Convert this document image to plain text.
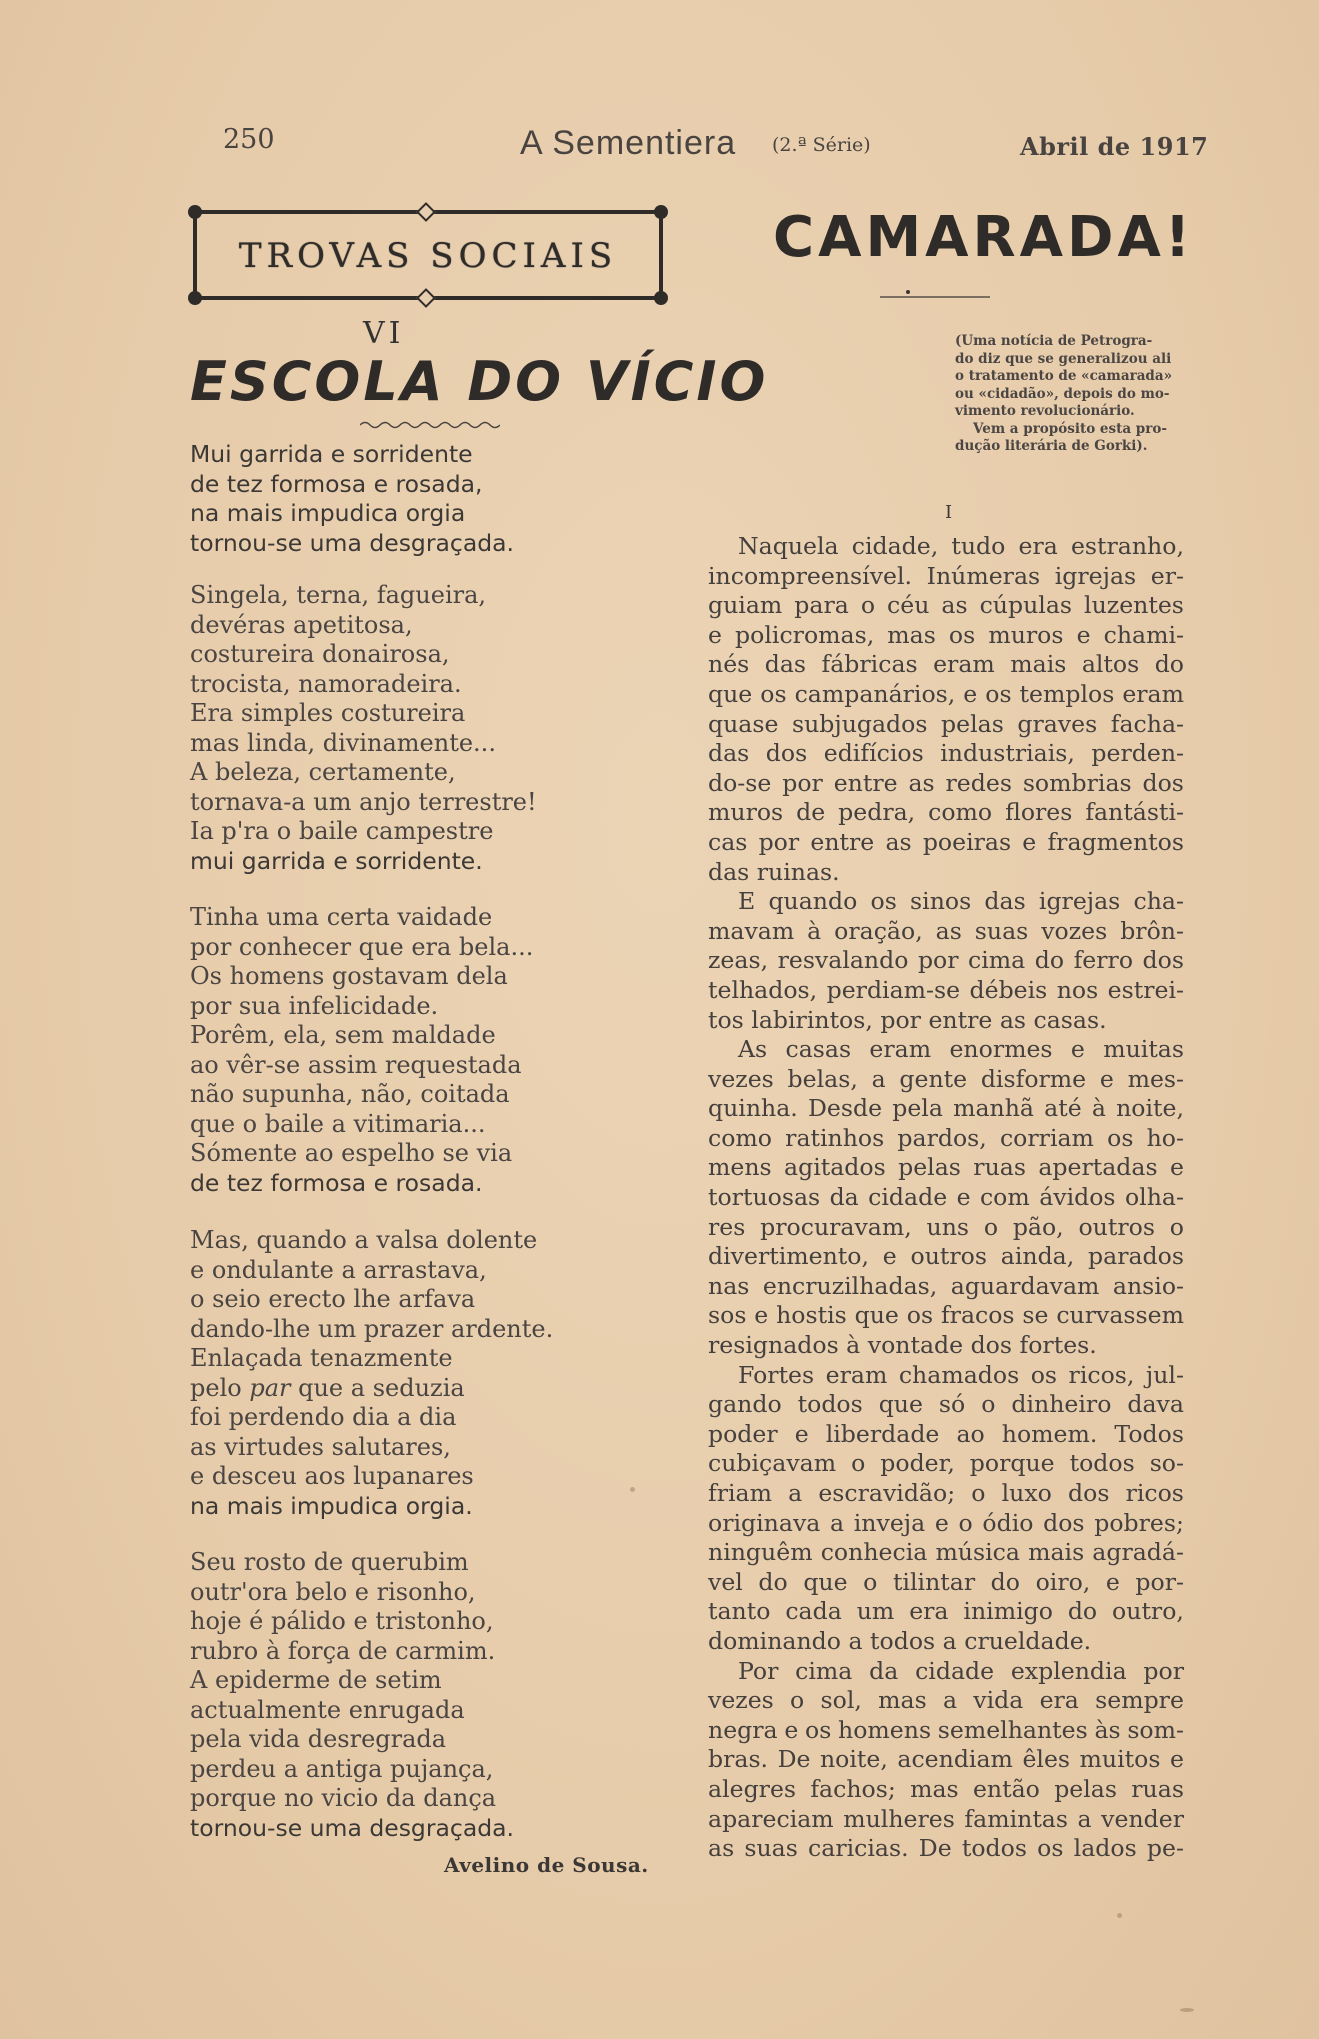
250	A Sementiera (2.ª Série)	Abril de 1917
TROVAS SOCIAIS
VI
ESCOLA DO VÍCIO
Mui garrida e sorridente
de tez formosa e rosada,
na mais impudica orgia
tornou-se uma desgraçada.
Singela, terna, fagueira,
devéras apetitosa,
costureira donairosa,
trocista, namoradeira.
Era simples costureira
mas linda, divinamente...
A beleza, certamente,
tornava-a um anjo terrestre!
Ia p'ra o baile campestre
mui garrida e sorridente.
Tinha uma certa vaidade
por conhecer que era bela...
Os homens gostavam dela
por sua infelicidade.
Porêm, ela, sem maldade
ao vêr-se assim requestada
não supunha, não, coitada
que o baile a vitimaria...
Sómente ao espelho se via
de tez formosa e rosada.
Mas, quando a valsa dolente
e ondulante a arrastava,
o seio erecto lhe arfava
dando-lhe um prazer ardente.
Enlaçada tenazmente
pelo par que a seduzia
foi perdendo dia a dia
as virtudes salutares,
e desceu aos lupanares
na mais impudica orgia.
Seu rosto de querubim
outr'ora belo e risonho,
hoje é pálido e tristonho,
rubro à força de carmim.
A epiderme de setim
actualmente enrugada
pela vida desregrada
perdeu a antiga pujança,
porque no vicio da dança
tornou-se uma desgraçada.
Avelino de Sousa.
CAMARADA!
(Uma notícia de Petrogra-
do diz que se generalizou ali
o tratamento de «camarada»
ou «cidadão», depois do mo-
vimento revolucionário.
Vem a propósito esta pro-
dução literária de Gorki).
I
Naquela cidade, tudo era estranho,
incompreensível. Inúmeras igrejas er-
guiam para o céu as cúpulas luzentes
e policromas, mas os muros e chami-
nés das fábricas eram mais altos do
que os campanários, e os templos eram
quase subjugados pelas graves facha-
das dos edifícios industriais, perden-
do-se por entre as redes sombrias dos
muros de pedra, como flores fantásti-
cas por entre as poeiras e fragmentos
das ruinas.
E quando os sinos das igrejas cha-
mavam à oração, as suas vozes brôn-
zeas, resvalando por cima do ferro dos
telhados, perdiam-se débeis nos estrei-
tos labirintos, por entre as casas.
As casas eram enormes e muitas
vezes belas, a gente disforme e mes-
quinha. Desde pela manhã até à noite,
como ratinhos pardos, corriam os ho-
mens agitados pelas ruas apertadas e
tortuosas da cidade e com ávidos olha-
res procuravam, uns o pão, outros o
divertimento, e outros ainda, parados
nas encruzilhadas, aguardavam ansio-
sos e hostis que os fracos se curvassem
resignados à vontade dos fortes.
Fortes eram chamados os ricos, jul-
gando todos que só o dinheiro dava
poder e liberdade ao homem. Todos
cubiçavam o poder, porque todos so-
friam a escravidão; o luxo dos ricos
originava a inveja e o ódio dos pobres;
ninguêm conhecia música mais agradá-
vel do que o tilintar do oiro, e por-
tanto cada um era inimigo do outro,
dominando a todos a crueldade.
Por cima da cidade explendia por
vezes o sol, mas a vida era sempre
negra e os homens semelhantes às som-
bras. De noite, acendiam êles muitos e
alegres fachos; mas então pelas ruas
apareciam mulheres famintas a vender
as suas caricias. De todos os lados pe-
